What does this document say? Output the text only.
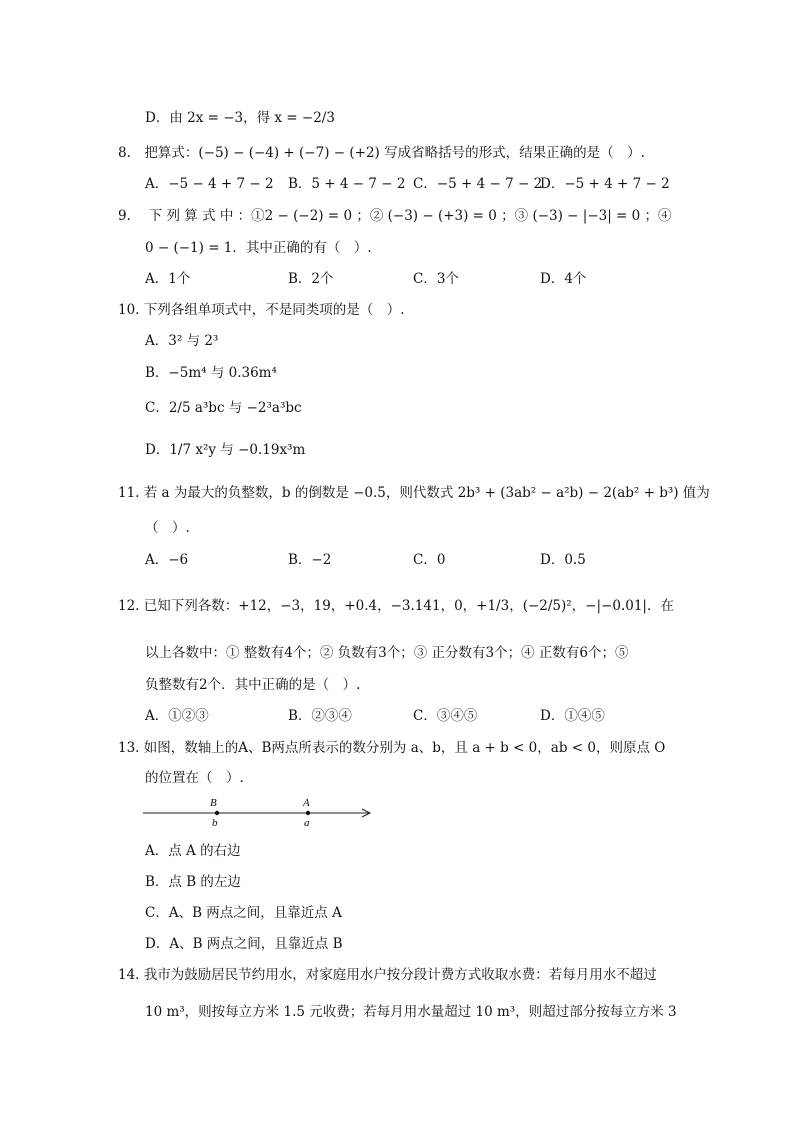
D．由 2x = −3，得 x = −2/3
8.　把算式：(−5) − (−4) + (−7) − (+2) 写成省略括号的形式，结果正确的是（　）.
A．−5 − 4 + 7 − 2 B．5 + 4 − 7 − 2 C．−5 + 4 − 7 − 2
D．−5 + 4 + 7 − 2
9.　 下 列 算 式 中 ：①2 − (−2) = 0 ；② (−3) − (+3) = 0 ；③ (−3) − |−3| = 0 ；④
0 − (−1) = 1．其中正确的有（　）.
A．1个	B．2个	C．3个	D．4个
10. 下列各组单项式中，不是同类项的是（　）.
A．3² 与 2³
B．−5m⁴ 与 0.36m⁴
C．2/5 a³bc 与 −2³a³bc
D．1/7 x²y 与 −0.19x³m
11. 若 a 为最大的负整数，b 的倒数是 −0.5，则代数式 2b³ + (3ab² − a²b) − 2(ab² + b³) 值为
（　）.
A．−6	B．−2	C．0	D．0.5
12. 已知下列各数：+12，−3，19，+0.4，−3.141，0，+1/3，(−2/5)²，−|−0.01|．在
以上各数中：① 整数有4个；② 负数有3个；③ 正分数有3个；④ 正数有6个；⑤
负整数有2个．其中正确的是（　）.
A．①②③	B．②③④	C．③④⑤	D．①④⑤
13. 如图，数轴上的A、B两点所表示的数分别为 a、b，且 a + b < 0，ab < 0，则原点 O
的位置在（　）.
B
b
A
a
A．点 A 的右边
B．点 B 的左边
C．A、B 两点之间，且靠近点 A
D．A、B 两点之间，且靠近点 B
14. 我市为鼓励居民节约用水，对家庭用水户按分段计费方式收取水费：若每月用水不超过
10 m³，则按每立方米 1.5 元收费；若每月用水量超过 10 m³，则超过部分按每立方米 3
